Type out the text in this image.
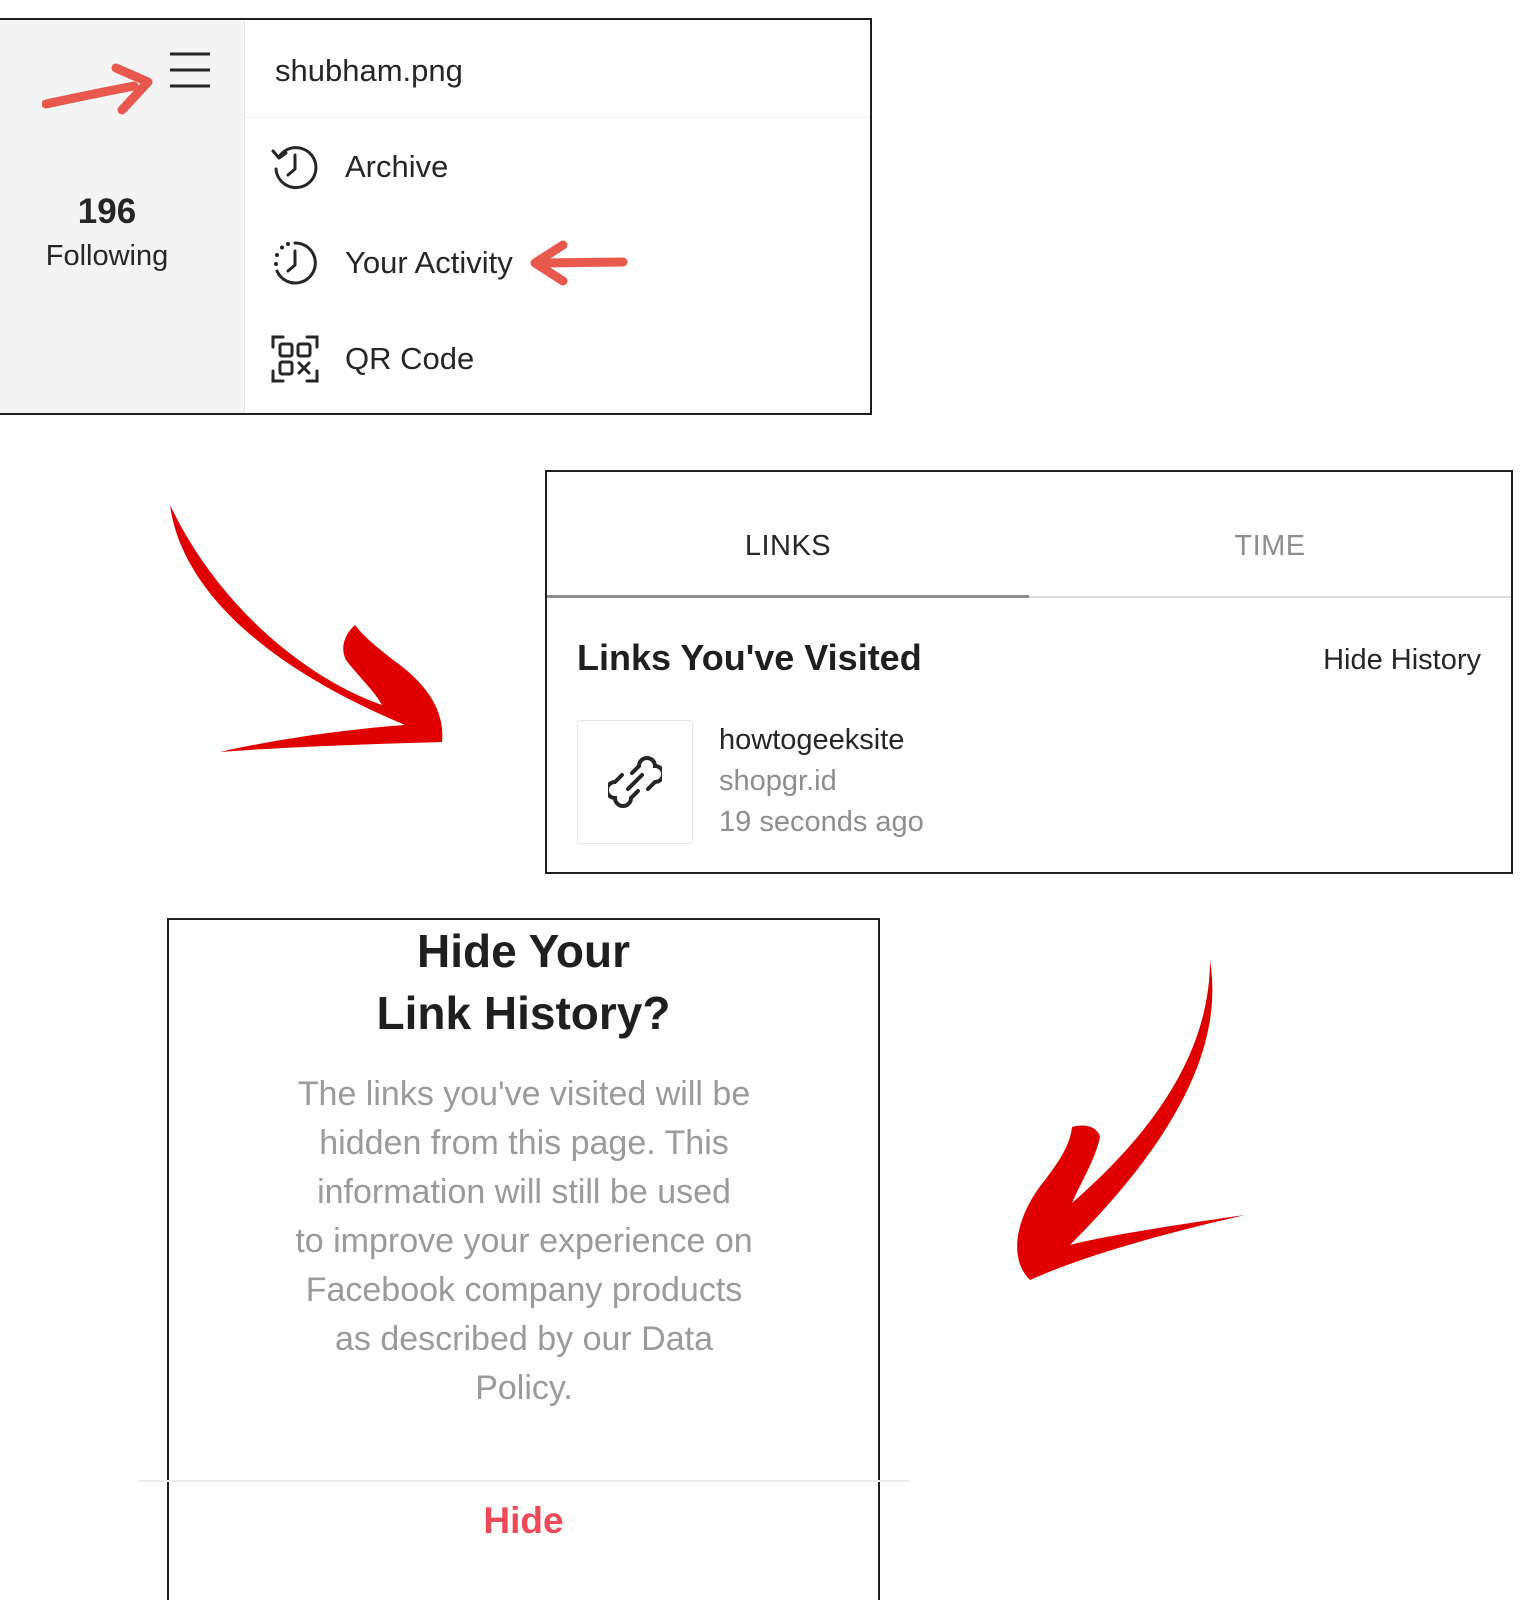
196
Following
shubham.png
Archive
Your Activity
QR Code
LINKS	TIME
Links You've Visited	Hide History
howtogeeksite
shopgr.id
19 seconds ago
Hide Your
Link History?
The links you've visited will be
hidden from this page. This
information will still be used
to improve your experience on
Facebook company products
as described by our Data
Policy.
Hide
